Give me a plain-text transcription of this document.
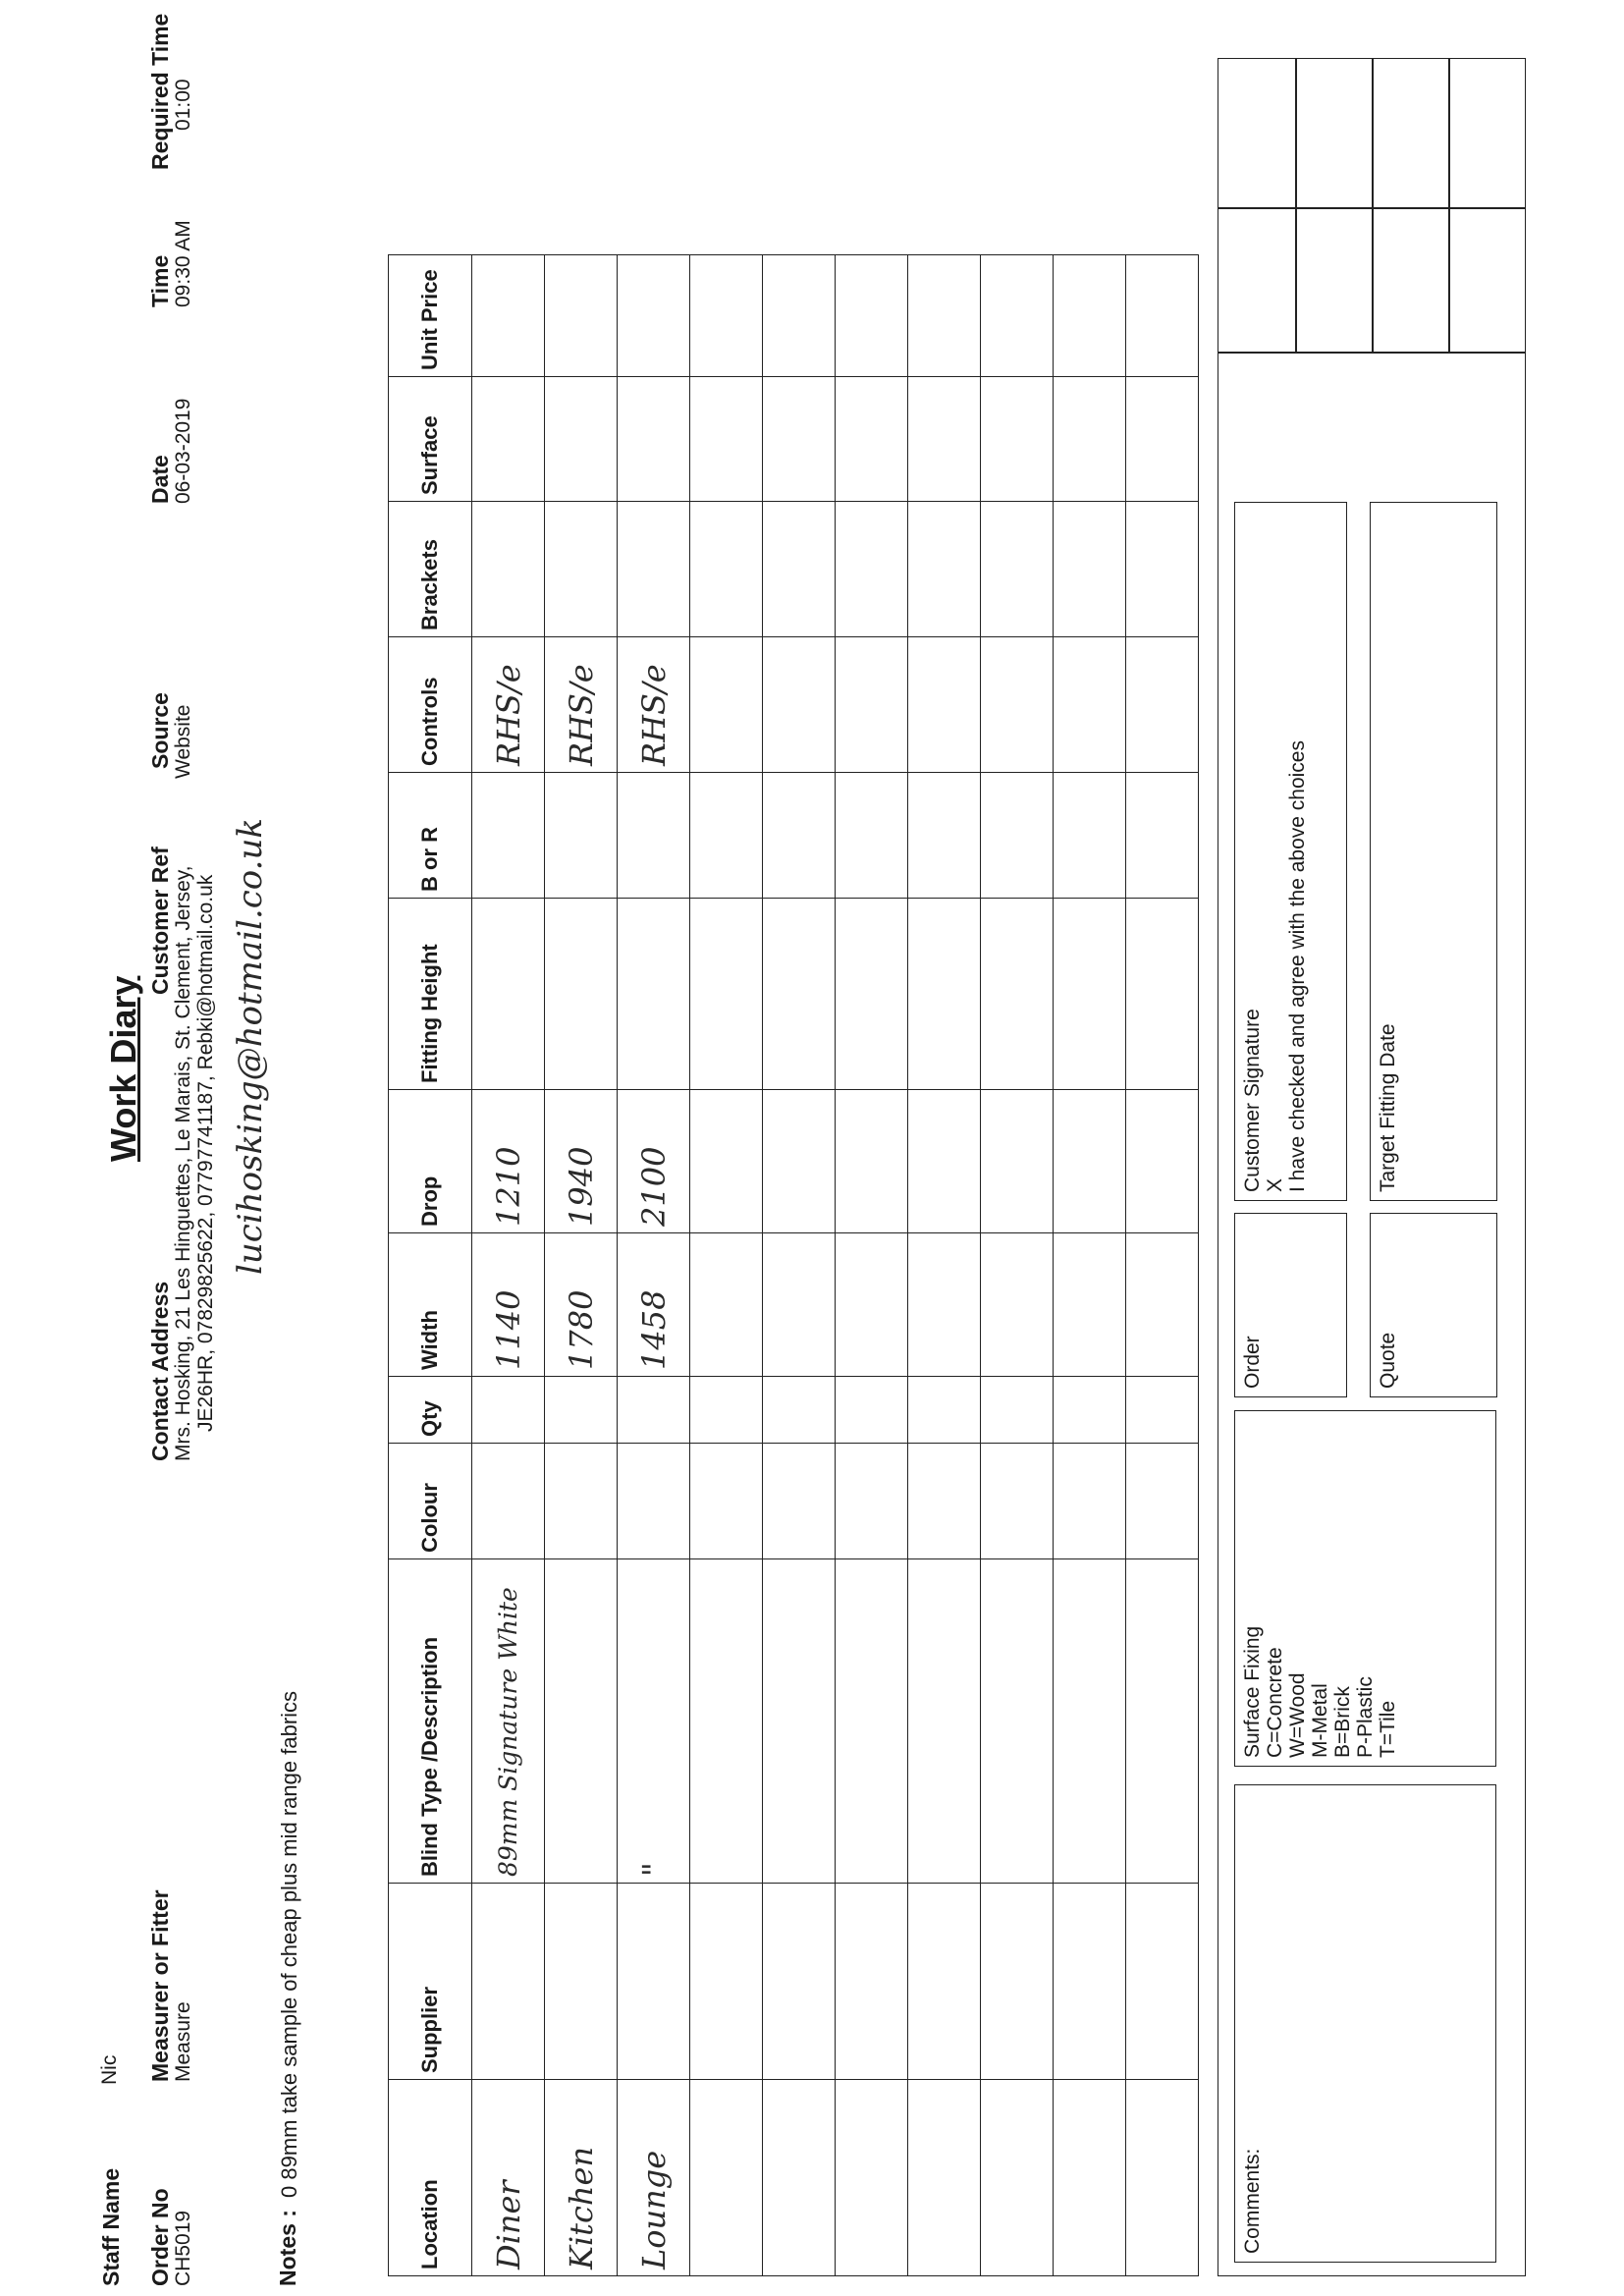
Staff Name
Nic
Order No
Measurer or Fitter
Contact Address
Work Diary
Customer Ref
Source
Date
Time
Required Time
CH5019
Measure
Mrs. Hosking, 21 Les Hinguettes, Le Marais, St. Clement, Jersey, JE26HR, 07829825622, 07797741187, Rebki@hotmail.co.uk
Website
06-03-2019
09:30 AM
01:00
lucihosking@hotmail.co.uk
Notes :
0 89mm take sample of cheap plus mid range fabrics
Location	Supplier	Blind Type /Description	Colour	Qty	Width	Drop	Fitting Height	B or R	Controls	Brackets	Surface	Unit Price
Diner		89mm Signature White			1140	1210			RHS/e			
Kitchen					1780	1940			RHS/e			
Lounge		"			1458	2100			RHS/e			

Comments:
Surface Fixing C=Concrete W=Wood M-Metal B=Brick P-Plastic T=Tile
Order	Quote
Customer Signature X I have checked and agree with the above choices	Target Fitting Date
